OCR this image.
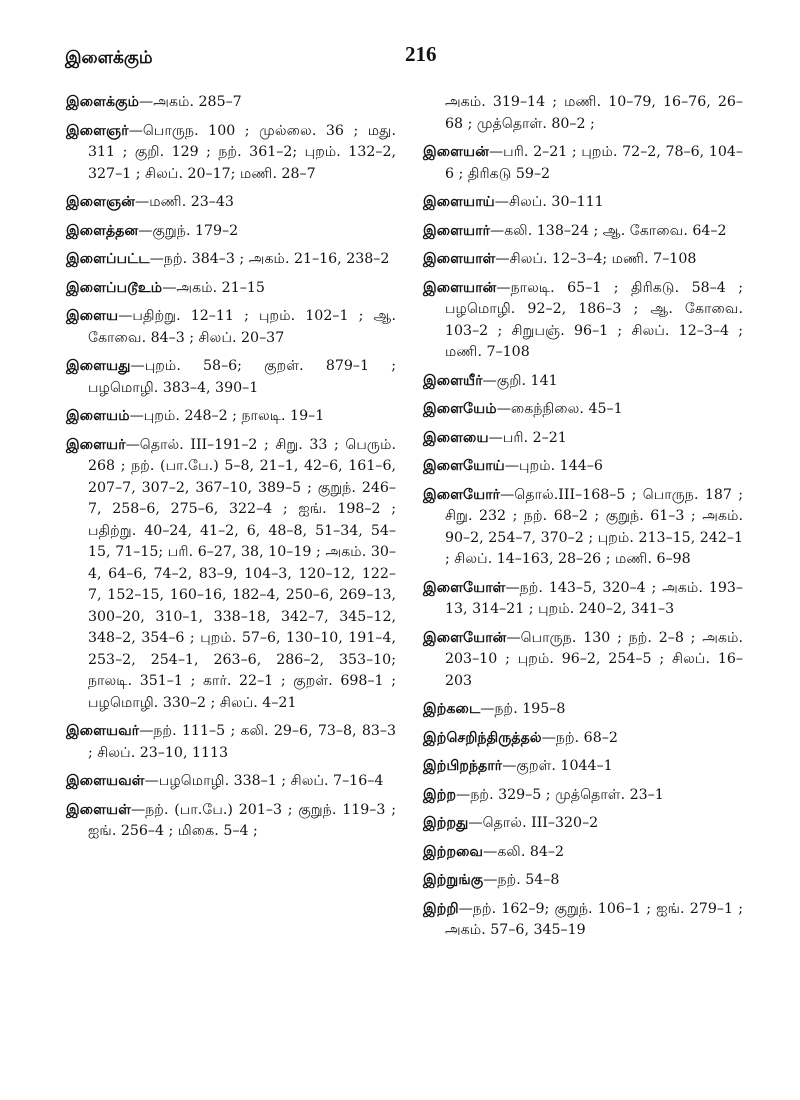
இளைக்கும்	216

இளைக்கும்—அகம். 285–7

இளைஞர்—பொருந. 100 ; முல்லை. 36 ; மது. 311 ; குறி. 129 ; நற். 361–2; புறம். 132–2, 327–1 ; சிலப். 20–17; மணி. 28–7

இளைஞன்—மணி. 23–43

இளைத்தன—குறுந். 179–2

இளைப்பட்ட—நற். 384–3 ; அகம். 21–16, 238–2

இளைப்படூஉம்—அகம். 21–15

இளைய—பதிற்று. 12–11 ; புறம். 102–1 ; ஆ. கோவை. 84–3 ; சிலப். 20–37

இளையது—புறம். 58–6; குறள். 879–1 ; பழமொழி. 383–4, 390–1

இளையம்—புறம். 248–2 ; நாலடி. 19–1

இளையர்—தொல். III–191–2 ; சிறு. 33 ; பெரும். 268 ; நற். (பா.பே.) 5–8, 21–1, 42–6, 161–6, 207–7, 307–2, 367–10, 389–5 ; குறுந். 246–7, 258–6, 275–6, 322–4 ; ஐங். 198–2 ; பதிற்று. 40–24, 41–2, 6, 48–8, 51–34, 54–15, 71–15; பரி. 6–27, 38, 10–19 ; அகம். 30–4, 64–6, 74–2, 83–9, 104–3, 120–12, 122–7, 152–15, 160–16, 182–4, 250–6, 269–13, 300–20, 310–1, 338–18, 342–7, 345–12, 348–2, 354–6 ; புறம். 57–6, 130–10, 191–4, 253–2, 254–1, 263–6, 286–2, 353–10; நாலடி. 351–1 ; கார். 22–1 ; குறள். 698–1 ; பழமொழி. 330–2 ; சிலப். 4–21

இளையவர்—நற். 111–5 ; கலி. 29–6, 73–8, 83–3 ; சிலப். 23–10, 1113

இளையவள்—பழமொழி. 338–1 ; சிலப். 7–16–4

இளையள்—நற். (பா.பே.) 201–3 ; குறுந். 119–3 ; ஐங். 256–4 ; மிகை. 5–4 ;

அகம். 319–14 ; மணி. 10–79, 16–76, 26–68 ; முத்தொள். 80–2 ;

இளையன்—பரி. 2–21 ; புறம். 72–2, 78–6, 104–6 ; திரிகடு 59–2

இளையாய்—சிலப். 30–111

இளையார்—கலி. 138–24 ; ஆ. கோவை. 64–2

இளையாள்—சிலப். 12–3–4; மணி. 7–108

இளையான்—நாலடி. 65–1 ; திரிகடு. 58–4 ; பழமொழி. 92–2, 186–3 ; ஆ. கோவை. 103–2 ; சிறுபஞ். 96–1 ; சிலப். 12–3–4 ; மணி. 7–108

இளையீர்—குறி. 141

இளையேம்—கைந்நிலை. 45–1

இளையை—பரி. 2–21

இளையோய்—புறம். 144–6

இளையோர்—தொல்.III–168–5 ; பொருந. 187 ; சிறு. 232 ; நற். 68–2 ; குறுந். 61–3 ; அகம். 90–2, 254–7, 370–2 ; புறம். 213–15, 242–1 ; சிலப். 14–163, 28–26 ; மணி. 6–98

இளையோள்—நற். 143–5, 320–4 ; அகம். 193–13, 314–21 ; புறம். 240–2, 341–3

இளையோன்—பொருந. 130 ; நற். 2–8 ; அகம். 203–10 ; புறம். 96–2, 254–5 ; சிலப். 16–203

இற்கடை—நற். 195–8

இற்செறிந்திருத்தல்—நற். 68–2

இற்பிறந்தார்—குறள். 1044–1

இற்ற—நற். 329–5 ; முத்தொள். 23–1

இற்றது—தொல். III–320–2

இற்றவை—கலி. 84–2

இற்றுங்கு—நற். 54–8

இற்றி—நற். 162–9; குறுந். 106–1 ; ஐங். 279–1 ; அகம். 57–6, 345–19
